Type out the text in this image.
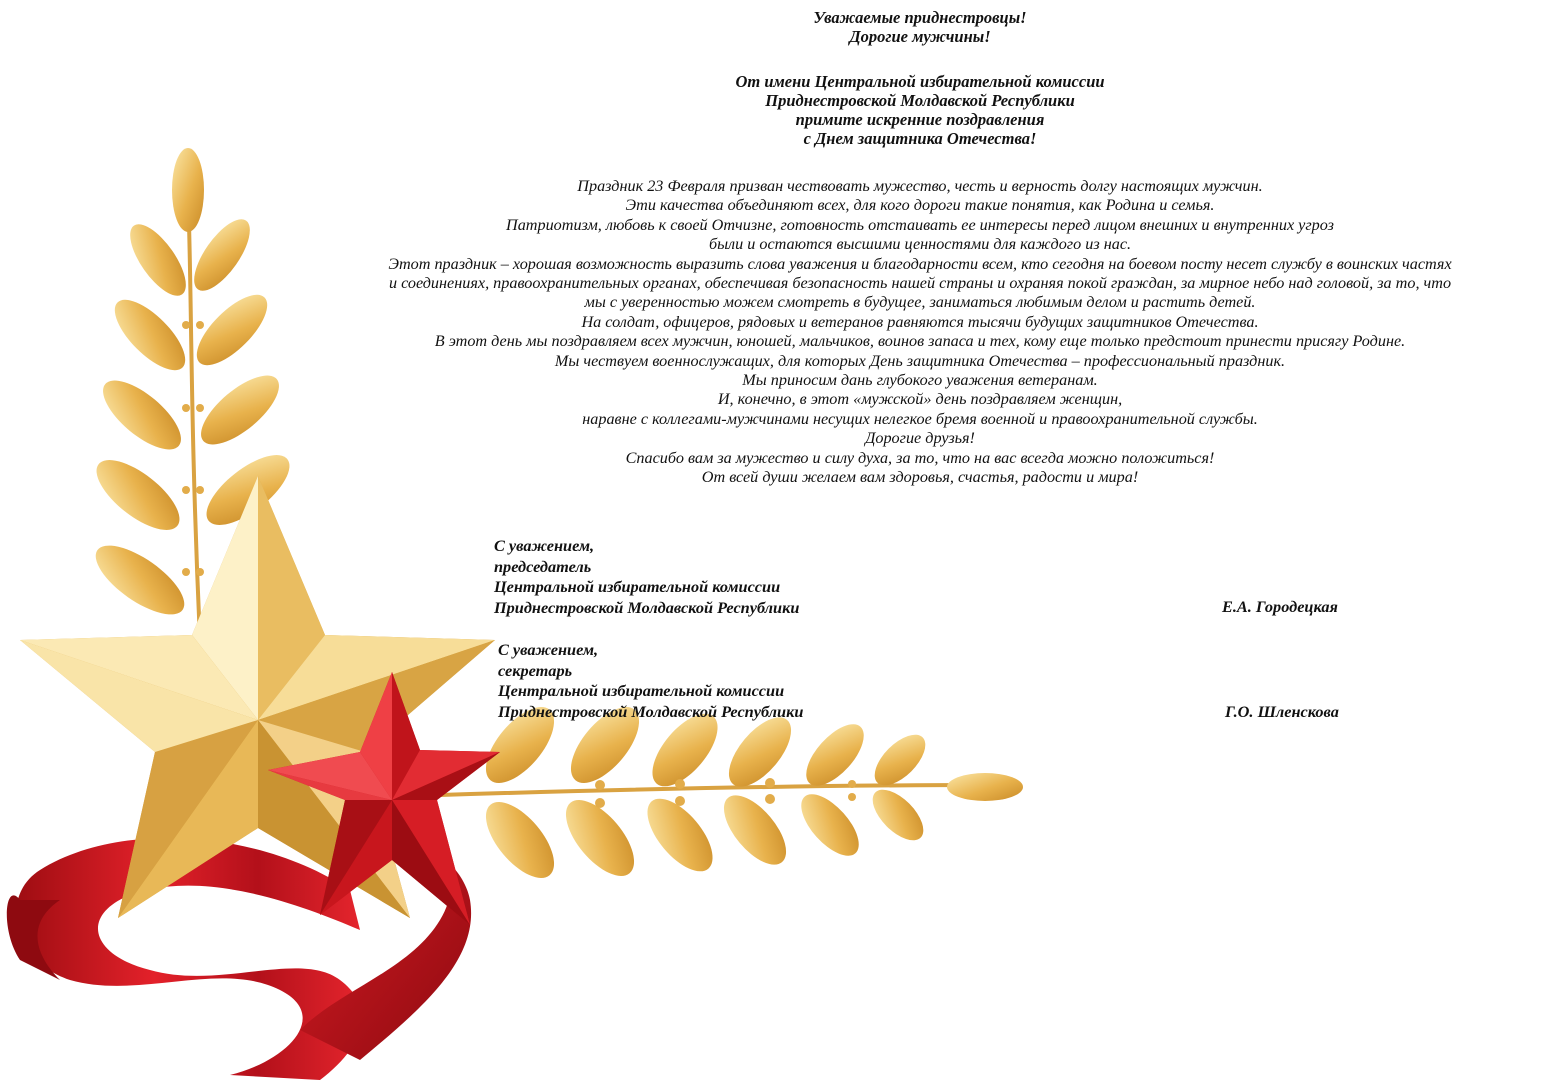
Уважаемые приднестровцы!
Дорогие мужчины!
От имени Центральной избирательной комиссии
Приднестровской Молдавской Республики
примите искренние поздравления
с Днем защитника Отечества!
Праздник 23 Февраля призван чествовать мужество, честь и верность долгу настоящих мужчин.
Эти качества объединяют всех, для кого дороги такие понятия, как Родина и семья.
Патриотизм, любовь к своей Отчизне, готовность отстаивать ее интересы перед лицом внешних и внутренних угроз
были и остаются высшими ценностями для каждого из нас.
Этот праздник – хорошая возможность выразить слова уважения и благодарности всем, кто сегодня на боевом посту несет службу в воинских частях
и соединениях, правоохранительных органах, обеспечивая безопасность нашей страны и охраняя покой граждан, за мирное небо над головой, за то, что
мы с уверенностью можем смотреть в будущее, заниматься любимым делом и растить детей.
На солдат, офицеров, рядовых и ветеранов равняются тысячи будущих защитников Отечества.
В этот день мы поздравляем всех мужчин, юношей, мальчиков, воинов запаса и тех, кому еще только предстоит принести присягу Родине.
Мы чествуем военнослужащих, для которых День защитника Отечества – профессиональный праздник.
Мы приносим дань глубокого уважения ветеранам.
И, конечно, в этот «мужской» день поздравляем женщин,
наравне с коллегами-мужчинами несущих нелегкое бремя военной и правоохранительной службы.
Дорогие друзья!
Спасибо вам за мужество и силу духа, за то, что на вас всегда можно положиться!
От всей души желаем вам здоровья, счастья, радости и мира!
С уважением,
председатель
Центральной избирательной комиссии
Приднестровской Молдавской Республики	Е.А. Городецкая
С уважением,
секретарь
Центральной избирательной комиссии
Приднестровской Молдавской Республики	Г.О. Шленскова
